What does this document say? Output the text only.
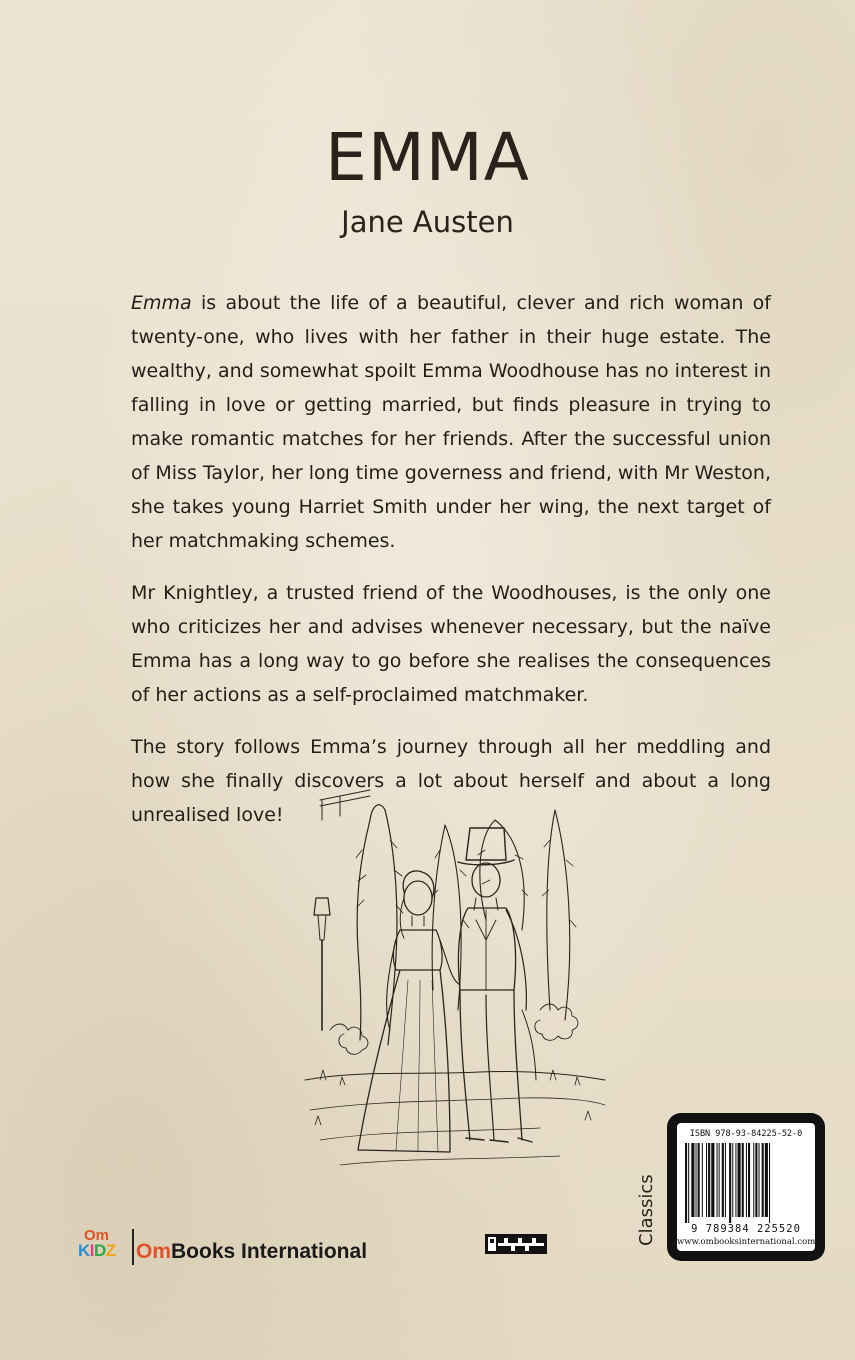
EMMA
Jane Austen

Emma is about the life of a beautiful, clever and rich woman of twenty-one, who lives with her father in their huge estate. The wealthy, and somewhat spoilt Emma Woodhouse has no interest in falling in love or getting married, but finds pleasure in trying to make romantic matches for her friends. After the successful union of Miss Taylor, her long time governess and friend, with Mr Weston, she takes young Harriet Smith under her wing, the next target of her matchmaking schemes.

Mr Knightley, a trusted friend of the Woodhouses, is the only one who criticizes her and advises whenever necessary, but the naïve Emma has a long way to go before she realises the consequences of her actions as a self-proclaimed matchmaker.

The story follows Emma’s journey through all her meddling and how she finally discovers a lot about herself and about a long unrealised love!

ISBN 978-93-84225-52-0
9 789384 225520
www.ombooksinternational.com
Classics
Om
KIDZ Om Books International
